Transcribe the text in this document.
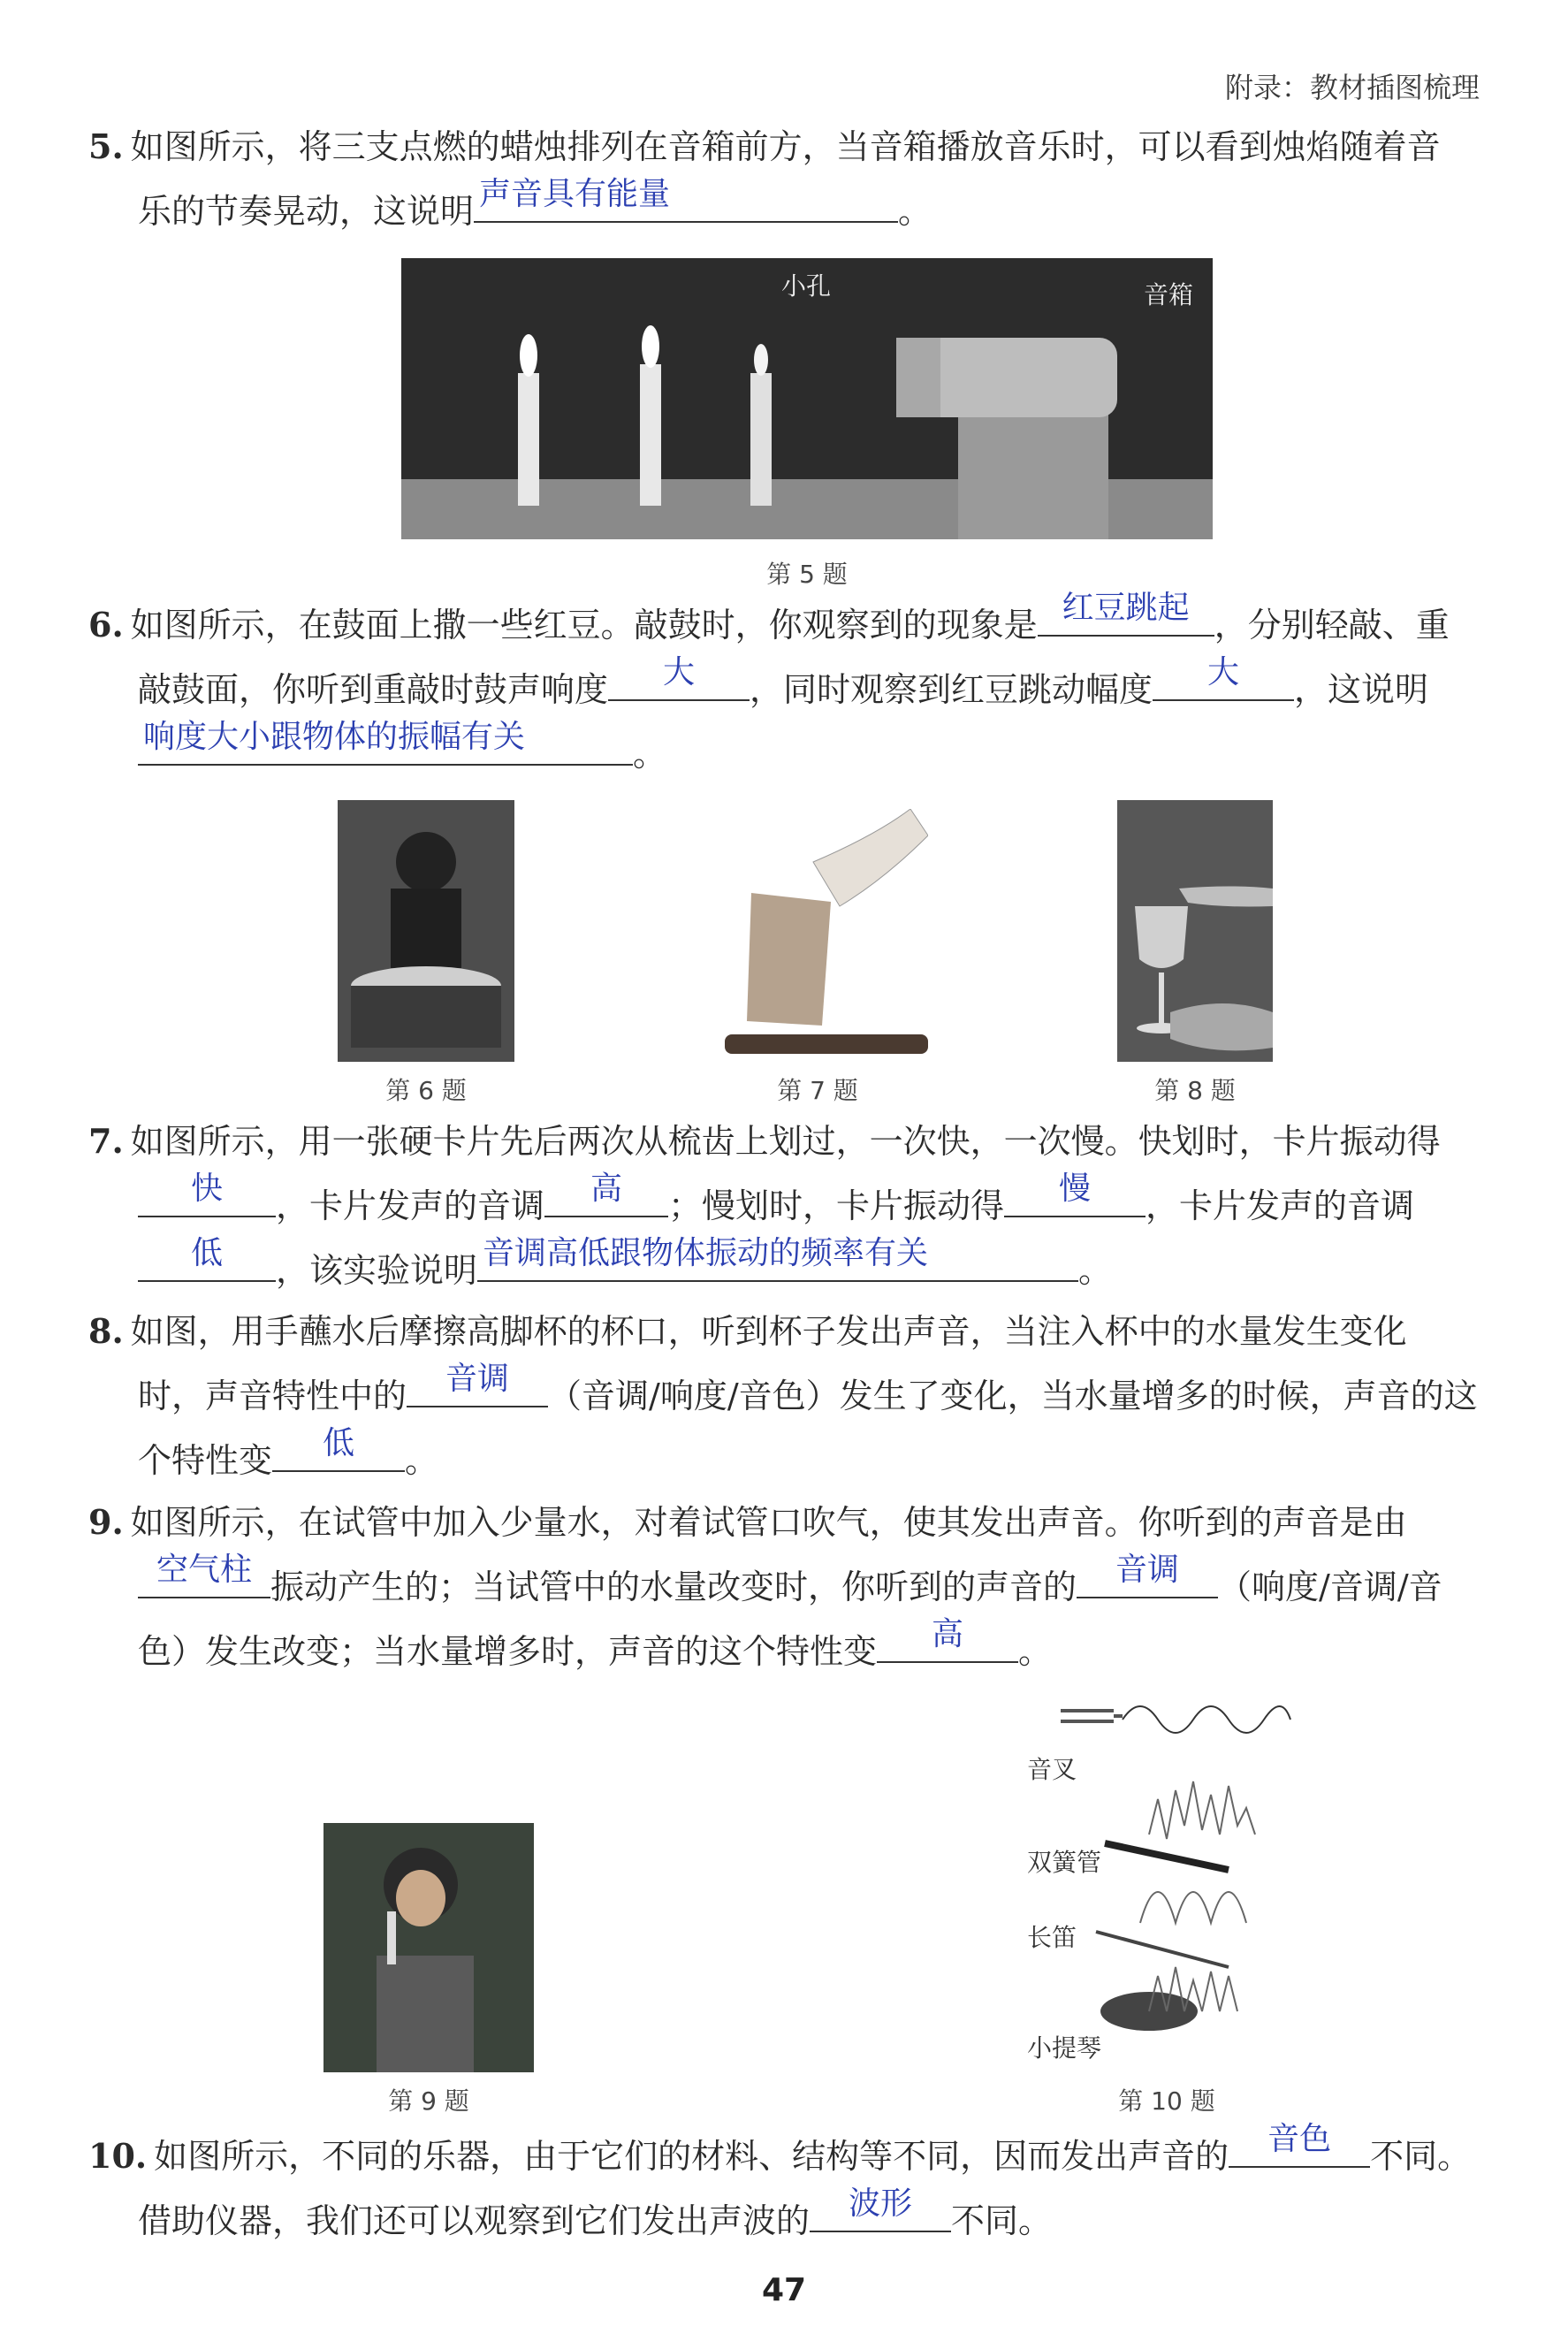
附录：教材插图梳理
5. 如图所示，将三支点燃的蜡烛排列在音箱前方，当音箱播放音乐时，可以看到烛焰随着音
乐的节奏晃动，这说明 声音具有能量	。
小孔	音箱
第 5 题
6. 如图所示，在鼓面上撒一些红豆。敲鼓时，你观察到的现象是 红豆跳起 ，分别轻敲、重
敲鼓面，你听到重敲时鼓声响度	大	，同时观察到红豆跳动幅度	大	，这说明
响度大小跟物体的振幅有关	。
第 6 题	第 7 题	第 8 题
7. 如图所示，用一张硬卡片先后两次从梳齿上划过，一次快，一次慢。快划时，卡片振动得
快	，卡片发声的音调	高	；慢划时，卡片振动得	慢	，卡片发声的音调
低	，该实验说明 音调高低跟物体振动的频率有关	。
8. 如图，用手蘸水后摩擦高脚杯的杯口，听到杯子发出声音，当注入杯中的水量发生变化
时，声音特性中的	音调	（音调/响度/音色）发生了变化，当水量增多的时候，声音的这
个特性变	低	。
9. 如图所示，在试管中加入少量水，对着试管口吹气，使其发出声音。你听到的声音是由
空气柱 振动产生的；当试管中的水量改变时，你听到的声音的	音调	（响度/音调/音
色）发生改变；当水量增多时，声音的这个特性变	高	。
第 9 题
音叉
双簧管
长笛
小提琴
第 10 题
10. 如图所示，不同的乐器，由于它们的材料、结构等不同，因而发出声音的	音色	不同。
借助仪器，我们还可以观察到它们发出声波的	波形	不同。
47
